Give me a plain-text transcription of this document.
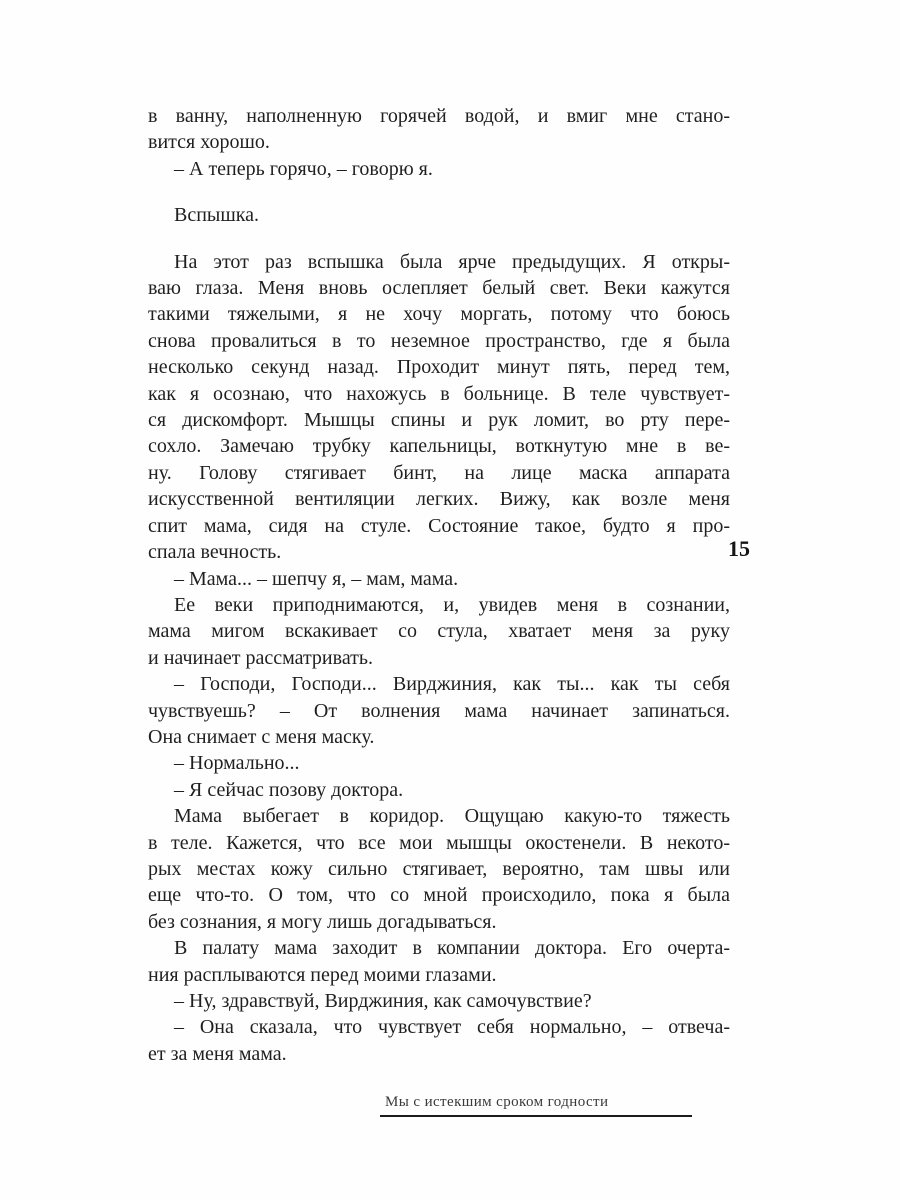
15
в ванну, наполненную горячей водой, и вмиг мне стано-
вится хорошо.
– А теперь горячо, – говорю я.
Вспышка.
На этот раз вспышка была ярче предыдущих. Я откры-
ваю глаза. Меня вновь ослепляет белый свет. Веки кажутся
такими тяжелыми, я не хочу моргать, потому что боюсь
снова провалиться в то неземное пространство, где я была
несколько секунд назад. Проходит минут пять, перед тем,
как я осознаю, что нахожусь в больнице. В теле чувствует-
ся дискомфорт. Мышцы спины и рук ломит, во рту пере-
сохло. Замечаю трубку капельницы, воткнутую мне в ве-
ну. Голову стягивает бинт, на лице маска аппарата
искусственной вентиляции легких. Вижу, как возле меня
спит мама, сидя на стуле. Состояние такое, будто я про-
спала вечность.
– Мама... – шепчу я, – мам, мама.
Ее веки приподнимаются, и, увидев меня в сознании,
мама мигом вскакивает со стула, хватает меня за руку
и начинает рассматривать.
– Господи, Господи... Вирджиния, как ты... как ты себя
чувствуешь? – От волнения мама начинает запинаться.
Она снимает с меня маску.
– Нормально...
– Я сейчас позову доктора.
Мама выбегает в коридор. Ощущаю какую-то тяжесть
в теле. Кажется, что все мои мышцы окостенели. В некото-
рых местах кожу сильно стягивает, вероятно, там швы или
еще что-то. О том, что со мной происходило, пока я была
без сознания, я могу лишь догадываться.
В палату мама заходит в компании доктора. Его очерта-
ния расплываются перед моими глазами.
– Ну, здравствуй, Вирджиния, как самочувствие?
– Она сказала, что чувствует себя нормально, – отвеча-
ет за меня мама.
Мы с истекшим сроком годности
